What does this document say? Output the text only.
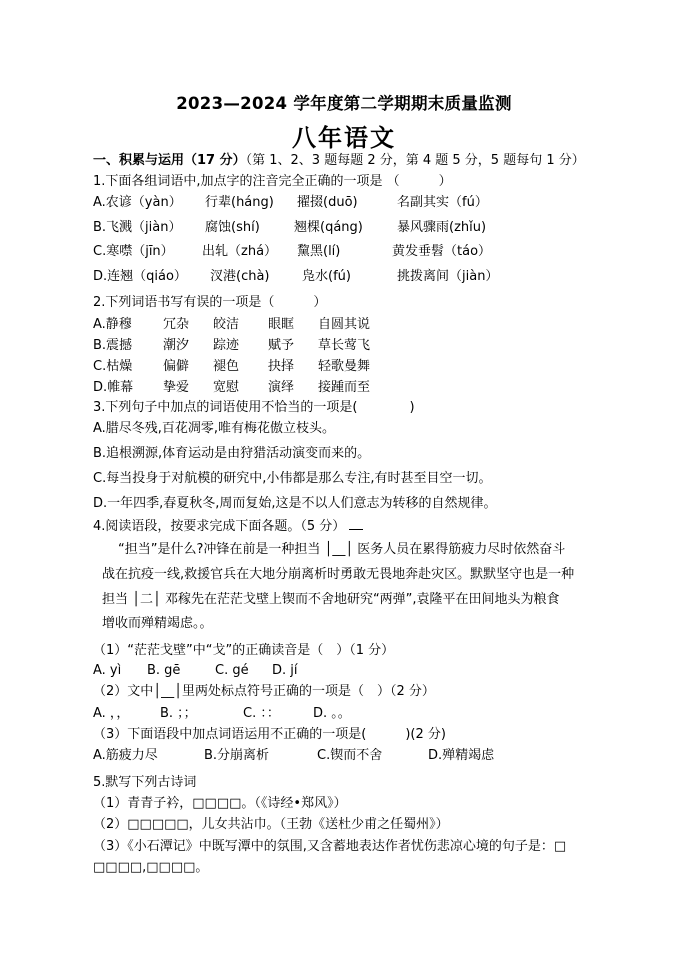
2023—2024 学年度第二学期期末质量监测
八年语文
一、积累与运用（17 分）（第 1、2、3 题每题 2 分，第 4 题 5 分，5 题每句 1 分）
1.下面各组词语中,加点字的注音完全正确的一项是 （　　　）
A.农谚（yàn） 行辈(háng) 擢掇(duō)	名副其实（fú）
B.飞溅（jiàn） 腐蚀(shí)	翘棵(qáng)	暴风骤雨(zhǐu)
C.寒噤（jīn） 出轧（zhá） 黧黑(lí)	黄发垂髫（táo）
D.连翘（qiáo） 汊港(chà)	凫水(fú)	挑拨离间（jiàn）
2.下列词语书写有误的一项是（　　　）
A.静穆 冗杂 皎洁 眼眶 自圆其说
B.震撼 潮汐 踪迹 赋予 草长莺飞
C.枯燥 偏僻 褪色 抉择 轻歌曼舞
D.帷幕 挚爱 宽慰 演绎 接踵而至
3.下列句子中加点的词语使用不恰当的一项是(　　　　)
A.腊尽冬残,百花凋零,唯有梅花傲立枝头。
B.追根溯源,体育运动是由狩猎活动演变而来的。
C.每当投身于对航模的研究中,小伟都是那么专注,有时甚至目空一切。
D.一年四季,春夏秋冬,周而复始,这是不以人们意志为转移的自然规律。
4.阅读语段，按要求完成下面各题。（5 分）
“担当”是什么?冲锋在前是一种担当 │__│ 医务人员在累得筋疲力尽时依然奋斗
战在抗疫一线,救援官兵在大地分崩离析时勇敢无畏地奔赴灾区。默默坚守也是一种
担当 │二│ 邓稼先在茫茫戈壁上锲而不舍地研究“两弹”,袁隆平在田间地头为粮食
增收而殚精竭虑。。
（1）“茫茫戈壁”中“戈”的正确读音是（　）（1 分）
A. yì B. gē	C. gé D. jí
（2）文中│__│里两处标点符号正确的一项是（　）（2 分）
A. ，， B. ；；	C. ：：	D. 。。
（3）下面语段中加点词语运用不正确的一项是(　　　)(2 分)
A.筋疲力尽	B.分崩离析	C.锲而不舍	D.殚精竭虑
5.默写下列古诗词
（1）青青子衿，□□□□。（《诗经•郑风》）
（2）□□□□□，儿女共沾巾。（王勃《送杜少甫之任蜀州》）
（3）《小石潭记》中既写潭中的氛围,又含蓄地表达作者忧伤悲凉心境的句子是：□
□□□□,□□□□。
